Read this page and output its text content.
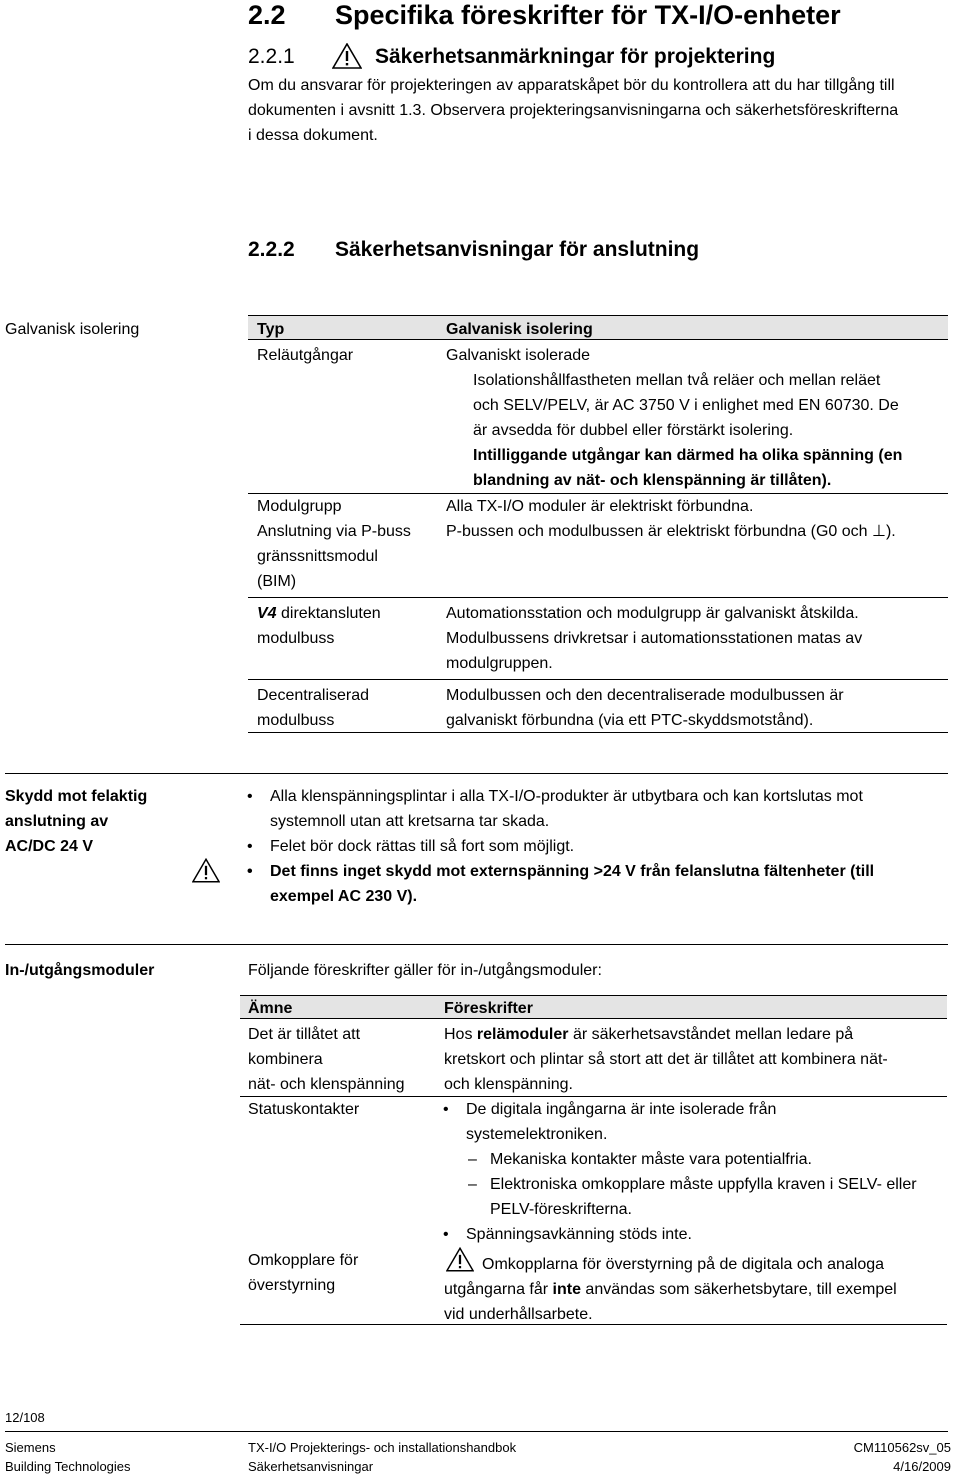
2.2 Specifika föreskrifter för TX-I/O-enheter
2.2.1	Säkerhetsanmärkningar för projektering
Om du ansvarar för projekteringen av apparatskåpet bör du kontrollera att du har tillgång till
dokumenten i avsnitt 1.3. Observera projekteringsanvisningarna och säkerhetsföreskrifterna
i dessa dokument.
2.2.2 Säkerhetsanvisningar för anslutning
Galvanisk isolering	Typ	Galvanisk isolering
Reläutgångar	Galvaniskt isolerade
Isolationshållfastheten mellan två reläer och mellan reläet
och SELV/PELV, är AC 3750 V i enlighet med EN 60730. De
är avsedda för dubbel eller förstärkt isolering.
Intilliggande utgångar kan därmed ha olika spänning (en
blandning av nät- och klenspänning är tillåten).
Modulgrupp	Alla TX-I/O moduler är elektriskt förbundna.
Anslutning via P-buss
gränssnittsmodul
(BIM)
P-bussen och modulbussen är elektriskt förbundna (G0 och ⊥).
V4 direktansluten
modulbuss
Automationsstation och modulgrupp är galvaniskt åtskilda.
Modulbussens drivkretsar i automationsstationen matas av
modulgruppen.
Decentraliserad
modulbuss
Modulbussen och den decentraliserade modulbussen är
galvaniskt förbundna (via ett PTC-skyddsmotstånd).
Skydd mot felaktig
anslutning av
AC/DC 24 V
• Alla klenspänningsplintar i alla TX-I/O-produkter är utbytbara och kan kortslutas mot
systemnoll utan att kretsarna tar skada.
• Felet bör dock rättas till så fort som möjligt.
• Det finns inget skydd mot externspänning >24 V från felanslutna fältenheter (till
exempel AC 230 V).
In-/utgångsmoduler	Följande föreskrifter gäller för in-/utgångsmoduler:
Ämne	Föreskrifter
Det är tillåtet att
kombinera
nät- och klenspänning
Hos relämoduler är säkerhetsavståndet mellan ledare på
kretskort och plintar så stort att det är tillåtet att kombinera nät-
och klenspänning.
Statuskontakter
•	De digitala ingångarna är inte isolerade från
systemelektroniken.
– Mekaniska kontakter måste vara potentialfria.
– Elektroniska omkopplare måste uppfylla kraven i SELV- eller
PELV-föreskrifterna.
• Spänningsavkänning stöds inte.
Omkopplare för
överstyrning
Omkopplarna för överstyrning på de digitala och analoga
utgångarna får inte användas som säkerhetsbytare, till exempel
vid underhållsarbete.
12/108
Siemens
Building Technologies
TX-I/O Projekterings- och installationshandbok
Säkerhetsanvisningar
CM110562sv_05
4/16/2009
